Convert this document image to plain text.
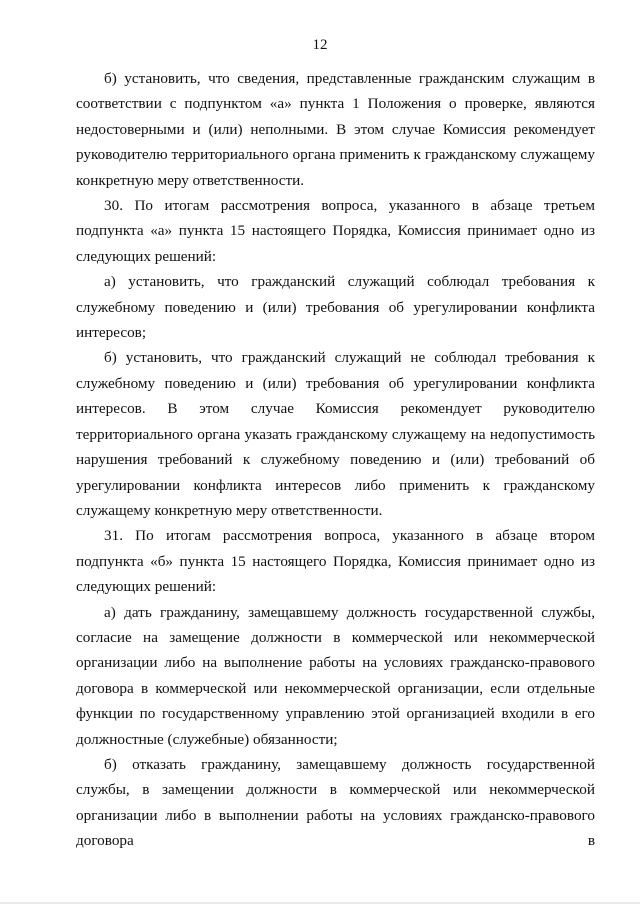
12

б) установить, что сведения, представленные гражданским служащим в соответствии с подпунктом «а» пункта 1 Положения о проверке, являются недостоверными и (или) неполными. В этом случае Комиссия рекомендует руководителю территориального органа применить к гражданскому служащему конкретную меру ответственности.

30. По итогам рассмотрения вопроса, указанного в абзаце третьем подпункта «а» пункта 15 настоящего Порядка, Комиссия принимает одно из следующих решений:

а) установить, что гражданский служащий соблюдал требования к служебному поведению и (или) требования об урегулировании конфликта интересов;

б) установить, что гражданский служащий не соблюдал требования к служебному поведению и (или) требования об урегулировании конфликта интересов. В этом случае Комиссия рекомендует руководителю территориального органа указать гражданскому служащему на недопустимость нарушения требований к служебному поведению и (или) требований об урегулировании конфликта интересов либо применить к гражданскому служащему конкретную меру ответственности.

31. По итогам рассмотрения вопроса, указанного в абзаце втором подпункта «б» пункта 15 настоящего Порядка, Комиссия принимает одно из следующих решений:

а) дать гражданину, замещавшему должность государственной службы, согласие на замещение должности в коммерческой или некоммерческой организации либо на выполнение работы на условиях гражданско-правового договора в коммерческой или некоммерческой организации, если отдельные функции по государственному управлению этой организацией входили в его должностные (служебные) обязанности;

б) отказать гражданину, замещавшему должность государственной службы, в замещении должности в коммерческой или некоммерческой организации либо в выполнении работы на условиях гражданско-правового договора в
